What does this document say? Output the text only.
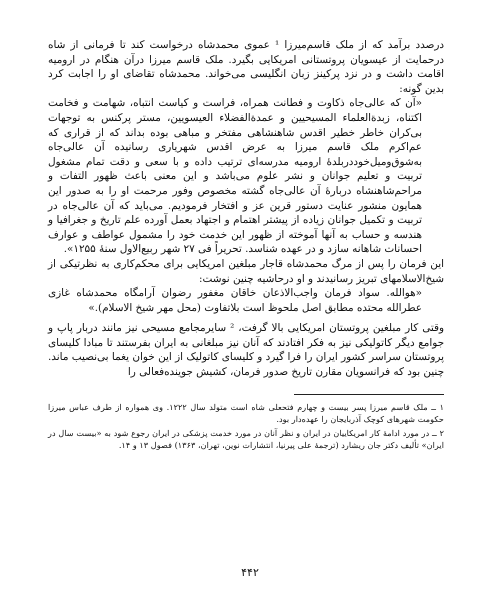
درصدد برآمد که از ملک قاسم‌میرزا ¹ عموی محمدشاه درخواست کند تا فرمانی از شاه درحمایت از عیسویان پروتستانی امریکایی بگیرد. ملک قاسم میرزا درآن هنگام در ارومیه اقامت داشت و در نزد پرکینز زبان انگلیسی می‌خواند. محمدشاه تقاضای او را اجابت کرد بدین گونه:

«آن که عالی‌جاه ذکاوت و فطانت همراه، فراست و کیاست انتباه، شهامت و فخامت اکتناه، زبدةالعلماء المسیحیین و عمدةالفضلاء العیسویین، مستر پرکنس به توجهات بی‌کران خاطر خطیر اقدس شاهنشاهی مفتخر و مباهی بوده بداند که از قراری که عم‌اکرم ملک قاسم میرزا به عرض اقدس شهریاری رسانیده آن عالی‌جاه به‌شوق‌ومیل‌خوددربلدۀ ارومیه مدرسه‌ای ترتیب داده و با سعی و دقت تمام مشغول تربیت و تعلیم جوانان و نشر علوم می‌باشد و این معنی باعث ظهور التفات و مراحم‌شاهنشاه دربارۀ آن عالی‌جاه گشته مخصوص وفور مرحمت او را به صدور این همایون منشور عنایت دستور قرین عز و افتخار فرمودیم. می‌باید که آن عالی‌جاه در تربیت و تکمیل جوانان زیاده از پیشتر اهتمام و اجتهاد بعمل آورده علم تاریخ و جغرافیا و هندسه و حساب به آنها آموخته از ظهور این خدمت خود را مشمول عواطف و عوارف احسانات شاهانه سازد و در عهده شناسد. تحریراً فی ۲۷ شهر ربیع‌الاول سنهٔ ۱۲۵۵».

این فرمان را پس از مرگ محمدشاه قاجار مبلغین امریکایی برای محکم‌کاری به نظرتیکی از شیخ‌الاسلامهای تبریز رسانیدند و او درحاشیه چنین نوشت:

«هوالله. سواد فرمان واجب‌الاذعان خاقان مغفور رضوان آرامگاه محمدشاه غازی عطرالله محتده مطابق اصل ملحوظ است بلاتفاوت (محل مهر شیخ الاسلام).»

وقتی کار مبلغین پروتستان امریکایی بالا گرفت، ² سایرمجامع مسیحی نیز مانند دربار پاپ و جوامع دیگر کاتولیکی نیز به فکر افتادند که آنان نیز مبلغانی به ایران بفرستند تا مبادا کلیسای پروتستان سراسر کشور ایران را فرا گیرد و کلیسای کاتولیک از این خوان یغما بی‌نصیب ماند. چنین بود که فرانسویان مقارن تاریخ صدور فرمان، کشیش جوینده‌فعالی را

۱ ــ ملک قاسم میرزا پسر بیست و چهارم فتحعلی شاه است متولد سال ۱۲۲۲. وی همواره از طرف عباس میرزا حکومت شهرهای کوچک آذربایجان را عهده‌دار بود.

۲ ــ در مورد ادامهٔ کار امریکاییان در ایران و نظر آنان در مورد خدمت پزشکی در ایران رجوع شود به «بیست سال در ایران» تألیف دکتر جان ریشارد (ترجمهٔ علی پیرنیا، انتشارات نوین، تهران، ۱۳۶۳) فصول ۱۳ و ۱۴.

۴۴۲
